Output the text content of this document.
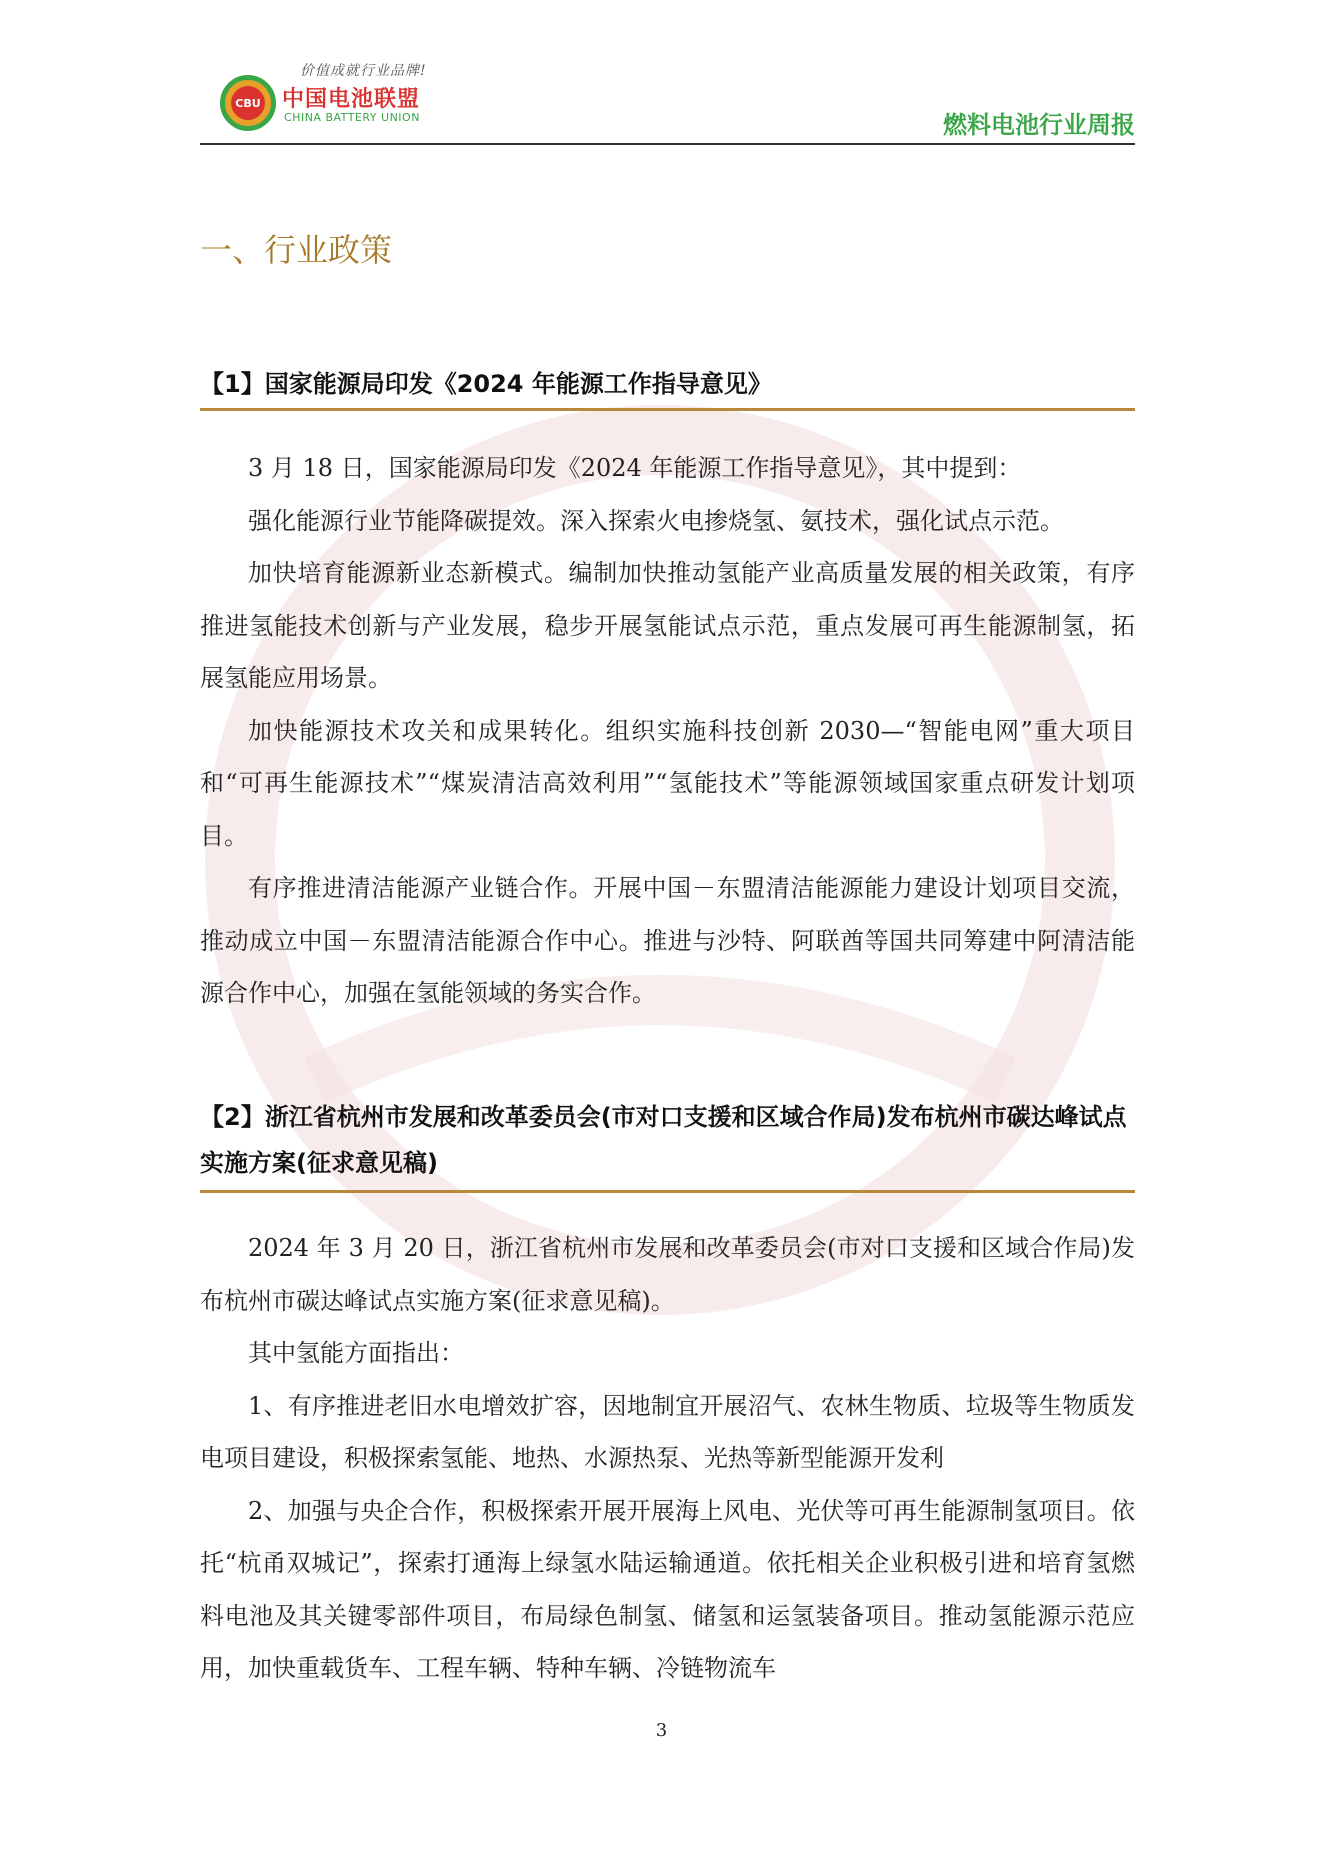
CBU
价值成就行业品牌!
中国电池联盟
CHINA BATTERY UNION	燃料电池行业周报
一、行业政策
【1】国家能源局印发《2024 年能源工作指导意见》

3 月 18 日，国家能源局印发《2024 年能源工作指导意见》，其中提到：

强化能源行业节能降碳提效。深入探索火电掺烧氢、氨技术，强化试点示范。

加快培育能源新业态新模式。编制加快推动氢能产业高质量发展的相关政策，有序推进氢能技术创新与产业发展，稳步开展氢能试点示范，重点发展可再生能源制氢，拓展氢能应用场景。

加快能源技术攻关和成果转化。组织实施科技创新 2030—“智能电网”重大项目和“可再生能源技术”“煤炭清洁高效利用”“氢能技术”等能源领域国家重点研发计划项目。

有序推进清洁能源产业链合作。开展中国－东盟清洁能源能力建设计划项目交流，推动成立中国－东盟清洁能源合作中心。推进与沙特、阿联酋等国共同筹建中阿清洁能源合作中心，加强在氢能领域的务实合作。

【2】浙江省杭州市发展和改革委员会(市对口支援和区域合作局)发布杭州市碳达峰试点实施方案(征求意见稿)

2024 年 3 月 20 日，浙江省杭州市发展和改革委员会(市对口支援和区域合作局)发布杭州市碳达峰试点实施方案(征求意见稿)。

其中氢能方面指出：

1、有序推进老旧水电增效扩容，因地制宜开展沼气、农林生物质、垃圾等生物质发电项目建设，积极探索氢能、地热、水源热泵、光热等新型能源开发利

2、加强与央企合作，积极探索开展开展海上风电、光伏等可再生能源制氢项目。依托“杭甬双城记”，探索打通海上绿氢水陆运输通道。依托相关企业积极引进和培育氢燃料电池及其关键零部件项目，布局绿色制氢、储氢和运氢装备项目。推动氢能源示范应用，加快重载货车、工程车辆、特种车辆、冷链物流车

3
